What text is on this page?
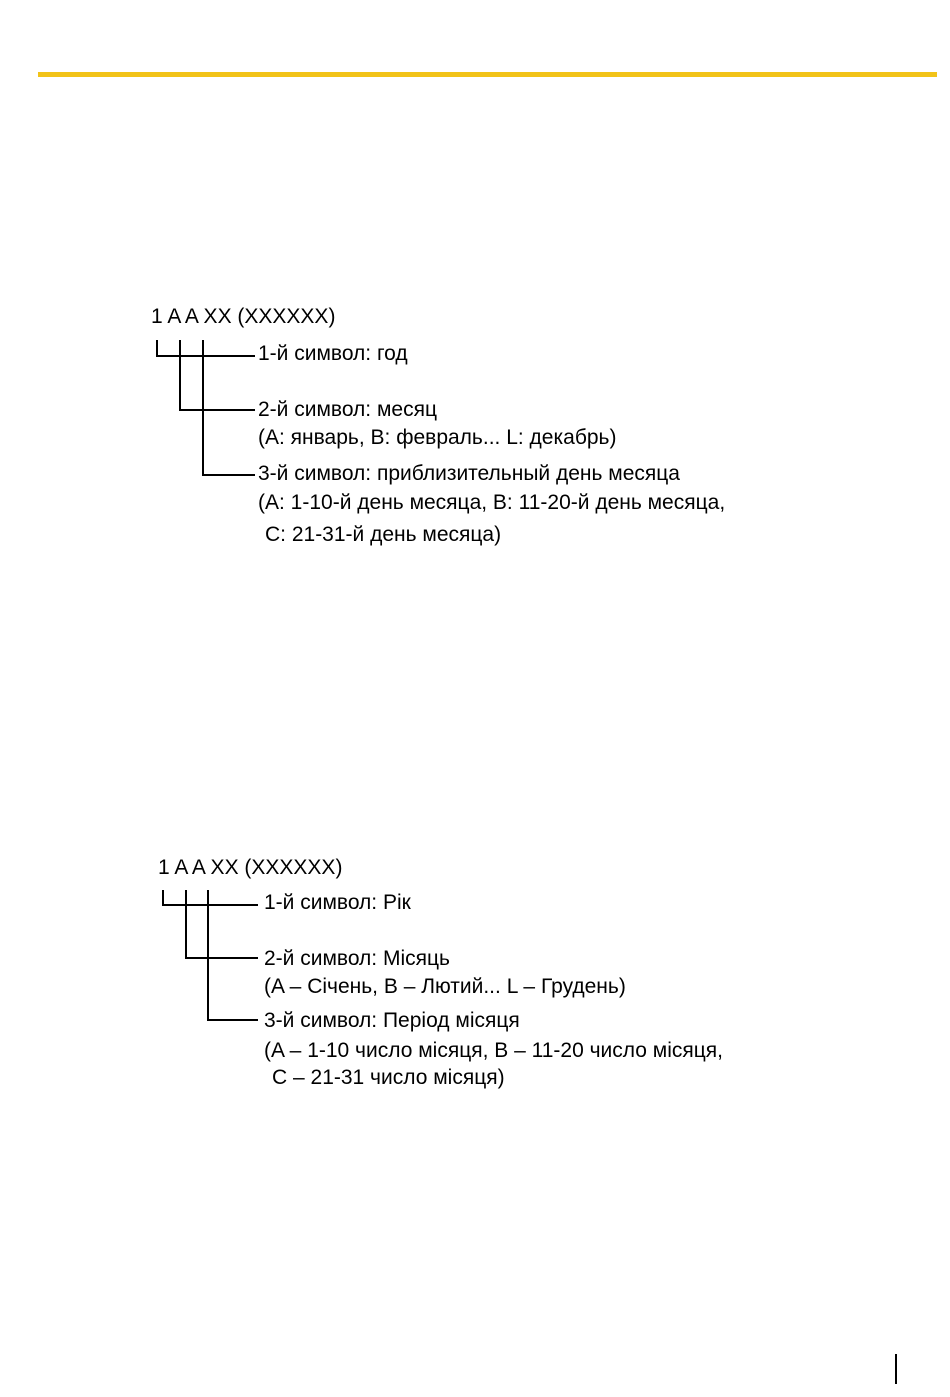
1 A A XX (XXXXXX)
1-й символ: год
2-й символ: месяц
(A: январь, B: февраль... L: декабрь)
3-й символ: приблизительный день месяца
(A: 1-10-й день месяца, B: 11-20-й день месяца,
C: 21-31-й день месяца)
1 A A XX (XXXXXX)
1-й символ: Рік
2-й символ: Місяць
(A – Січень, B – Лютий... L – Грудень)
3-й символ: Період місяця
(A – 1-10 число місяця, B – 11-20 число місяця,
C – 21-31 число місяця)
